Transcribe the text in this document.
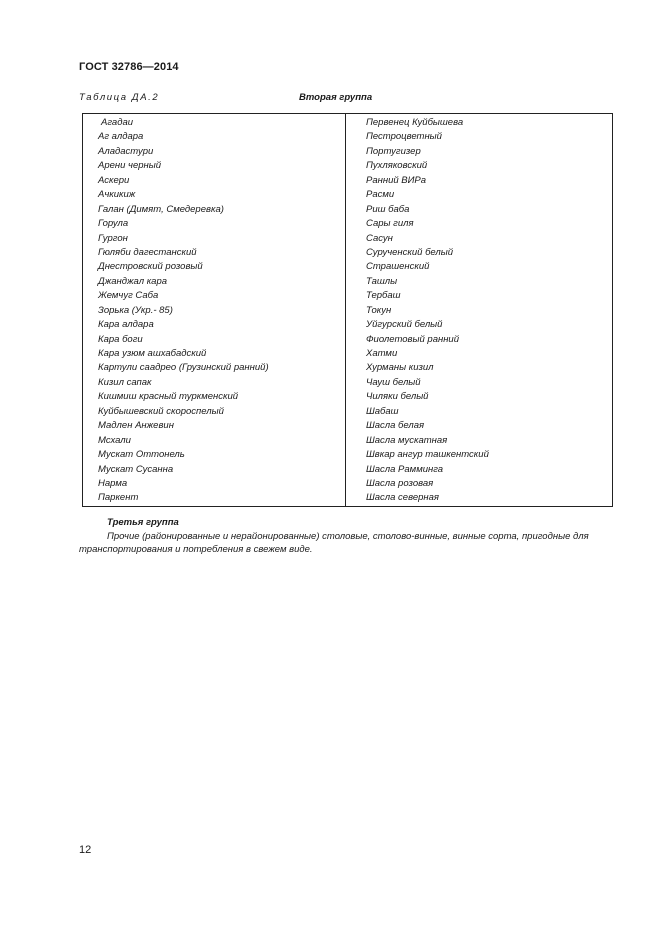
ГОСТ 32786—2014
Таблица ДА.2	Вторая группа
Агадаи
Аг алдара
Аладастури
Арени черный
Аскери
Ачкикиж
Галан (Димят, Смедеревка)
Горула
Гургон
Гюляби дагестанский
Днестровский розовый
Джанджал кара
Жемчуг Саба
Зорька (Укр.- 85)
Кара алдара
Кара боги
Кара узюм ашхабадский
Картули саадрео (Грузинский ранний)
Кизил сапак
Кишмиш красный туркменский
Куйбышевский скороспелый
Мадлен Анжевин
Мсхали
Мускат Оттонель
Мускат Сусанна
Нарма
Паркент
Первенец Куйбышева
Пестроцветный
Португизер
Пухляковский
Ранний ВИРа
Расми
Риш баба
Сары гиля
Сасун
Сурученский белый
Страшенский
Ташлы
Тербаш
Токун
Уйгурский белый
Фиолетовый ранний
Хатми
Хурманы кизил
Чауш белый
Чиляки белый
Шабаш
Шасла белая
Шасла мускатная
Швкар ангур ташкентский
Шасла Рамминга
Шасла розовая
Шасла северная
Третья группа

Прочие (районированные и нерайонированные) столовые, столово-винные, винные сорта, пригодные для транспортирования и потребления в свежем виде.

12
